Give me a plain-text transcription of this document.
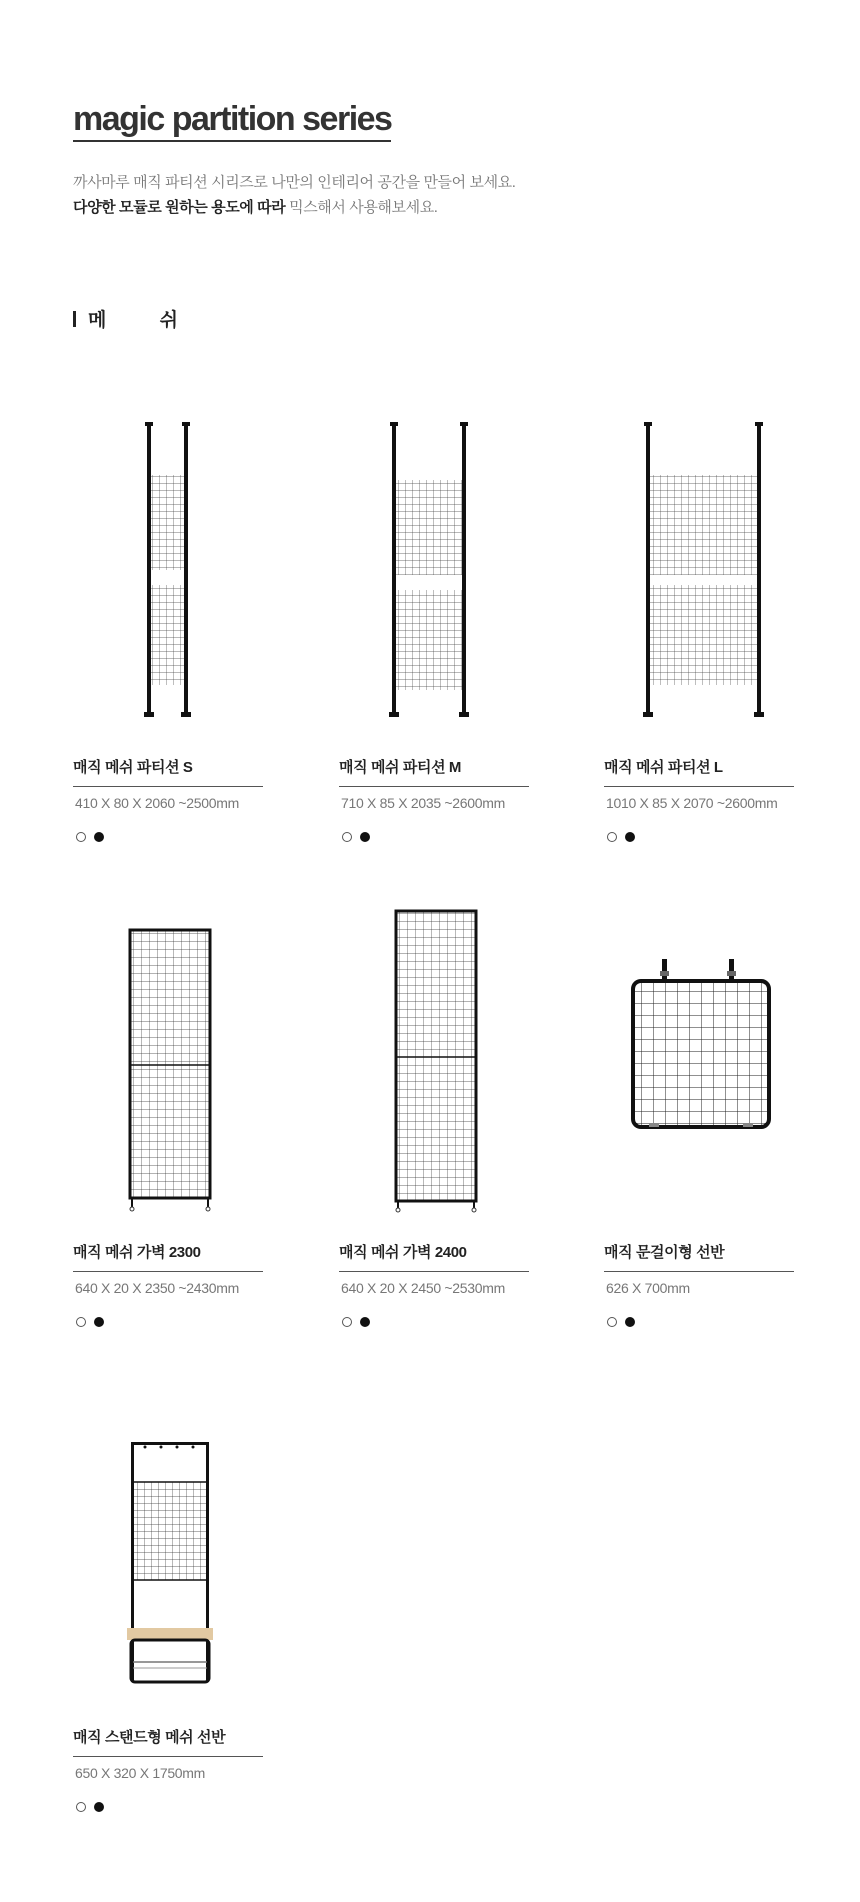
magic partition series
까사마루 매직 파티션 시리즈로 나만의 인테리어 공간을 만들어 보세요.
다양한 모듈로 원하는 용도에 따라 믹스해서 사용해보세요.
메 쉬
매직 메쉬 파티션 S
410 X 80 X 2060 ~2500mm
매직 메쉬 파티션 M
710 X 85 X 2035 ~2600mm
매직 메쉬 파티션 L
1010 X 85 X 2070 ~2600mm
매직 메쉬 가벽 2300
640 X 20 X 2350 ~2430mm
매직 메쉬 가벽 2400
640 X 20 X 2450 ~2530mm
매직 문걸이형 선반
626 X 700mm
매직 스탠드형 메쉬 선반
650 X 320 X 1750mm
